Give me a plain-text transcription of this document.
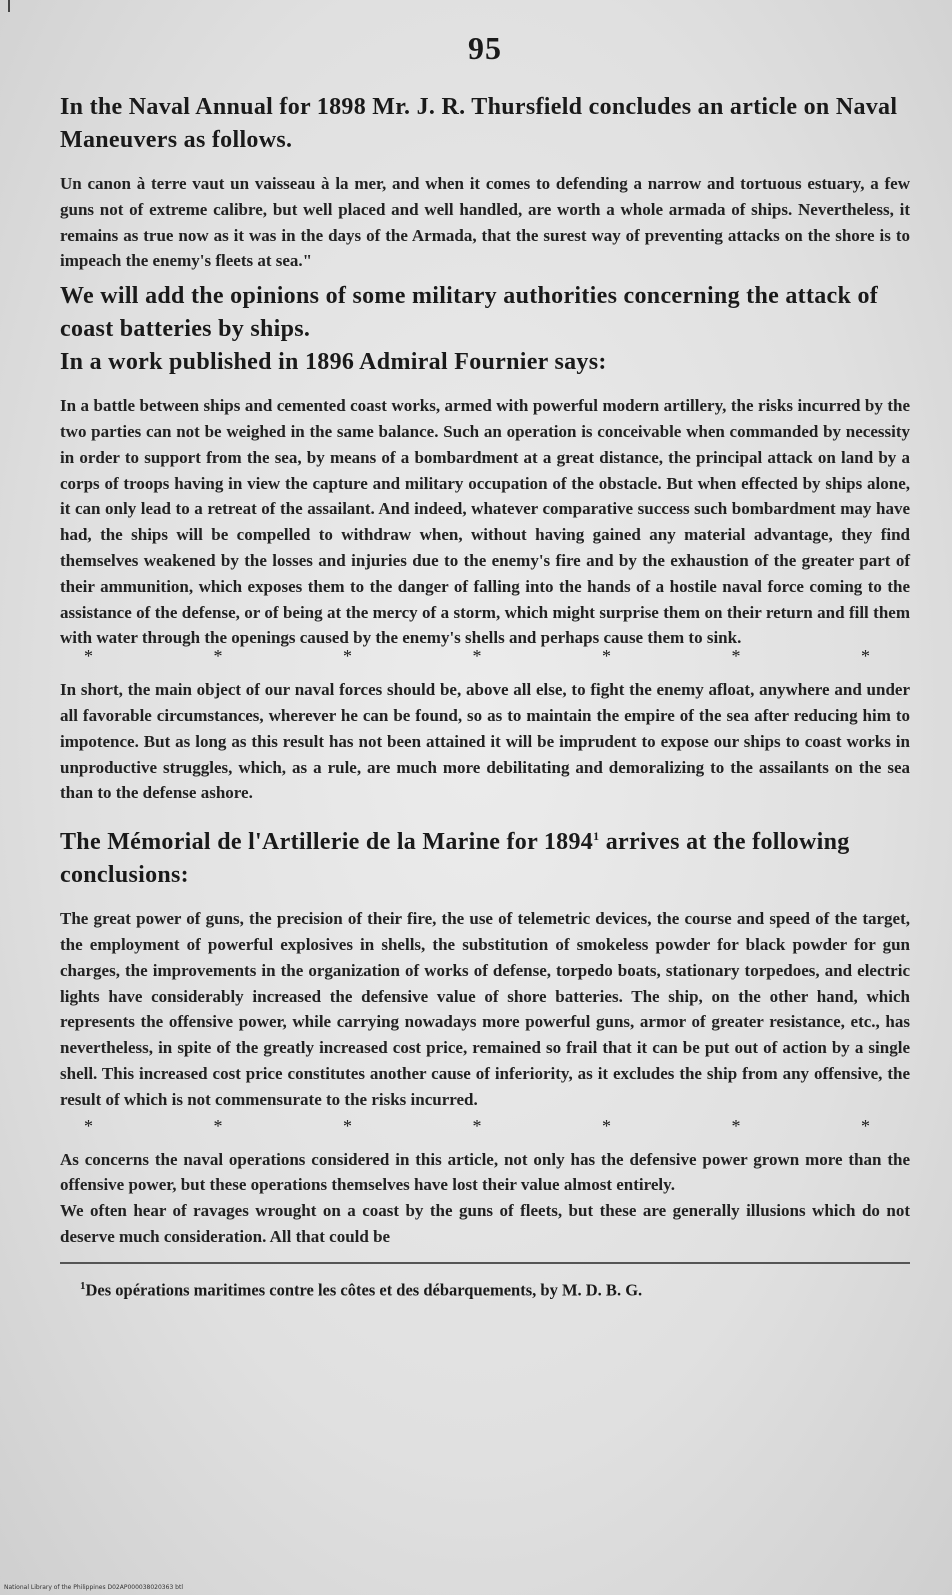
95

In the Naval Annual for 1898 Mr. J. R. Thursfield concludes an article on Naval Maneuvers as follows.

Un canon à terre vaut un vaisseau à la mer, and when it comes to defending a narrow and tortuous estuary, a few guns not of extreme calibre, but well placed and well handled, are worth a whole armada of ships. Nevertheless, it remains as true now as it was in the days of the Armada, that the surest way of preventing attacks on the shore is to impeach the enemy's fleets at sea."

We will add the opinions of some military authorities concerning the attack of coast batteries by ships.

In a work published in 1896 Admiral Fournier says:

In a battle between ships and cemented coast works, armed with powerful modern artillery, the risks incurred by the two parties can not be weighed in the same balance. Such an operation is conceivable when commanded by necessity in order to support from the sea, by means of a bombardment at a great distance, the principal attack on land by a corps of troops having in view the capture and military occupation of the obstacle. But when effected by ships alone, it can only lead to a retreat of the assailant. And indeed, whatever comparative success such bombardment may have had, the ships will be compelled to withdraw when, without having gained any material advantage, they find themselves weakened by the losses and injuries due to the enemy's fire and by the exhaustion of the greater part of their ammunition, which exposes them to the danger of falling into the hands of a hostile naval force coming to the assistance of the defense, or of being at the mercy of a storm, which might surprise them on their return and fill them with water through the openings caused by the enemy's shells and perhaps cause them to sink.

*	*	*	*	*	*	*

In short, the main object of our naval forces should be, above all else, to fight the enemy afloat, anywhere and under all favorable circumstances, wherever he can be found, so as to maintain the empire of the sea after reducing him to impotence. But as long as this result has not been attained it will be imprudent to expose our ships to coast works in unproductive struggles, which, as a rule, are much more debilitating and demoralizing to the assailants on the sea than to the defense ashore.

The Mémorial de l'Artillerie de la Marine for 1894$^1$ arrives at the following conclusions:

The great power of guns, the precision of their fire, the use of telemetric devices, the course and speed of the target, the employment of powerful explosives in shells, the substitution of smokeless powder for black powder for gun charges, the improvements in the organization of works of defense, torpedo boats, stationary torpedoes, and electric lights have considerably increased the defensive value of shore batteries. The ship, on the other hand, which represents the offensive power, while carrying nowadays more powerful guns, armor of greater resistance, etc., has nevertheless, in spite of the greatly increased cost price, remained so frail that it can be put out of action by a single shell. This increased cost price constitutes another cause of inferiority, as it excludes the ship from any offensive, the result of which is not commensurate to the risks incurred.

*	*	*	*	*	*	*

As concerns the naval operations considered in this article, not only has the defensive power grown more than the offensive power, but these operations themselves have lost their value almost entirely.

We often hear of ravages wrought on a coast by the guns of fleets, but these are generally illusions which do not deserve much consideration. All that could be

$^1$Des opérations maritimes contre les côtes et des débarquements, by M. D. B. G.
National Library of the Philippines D02AP000038020363 btl
